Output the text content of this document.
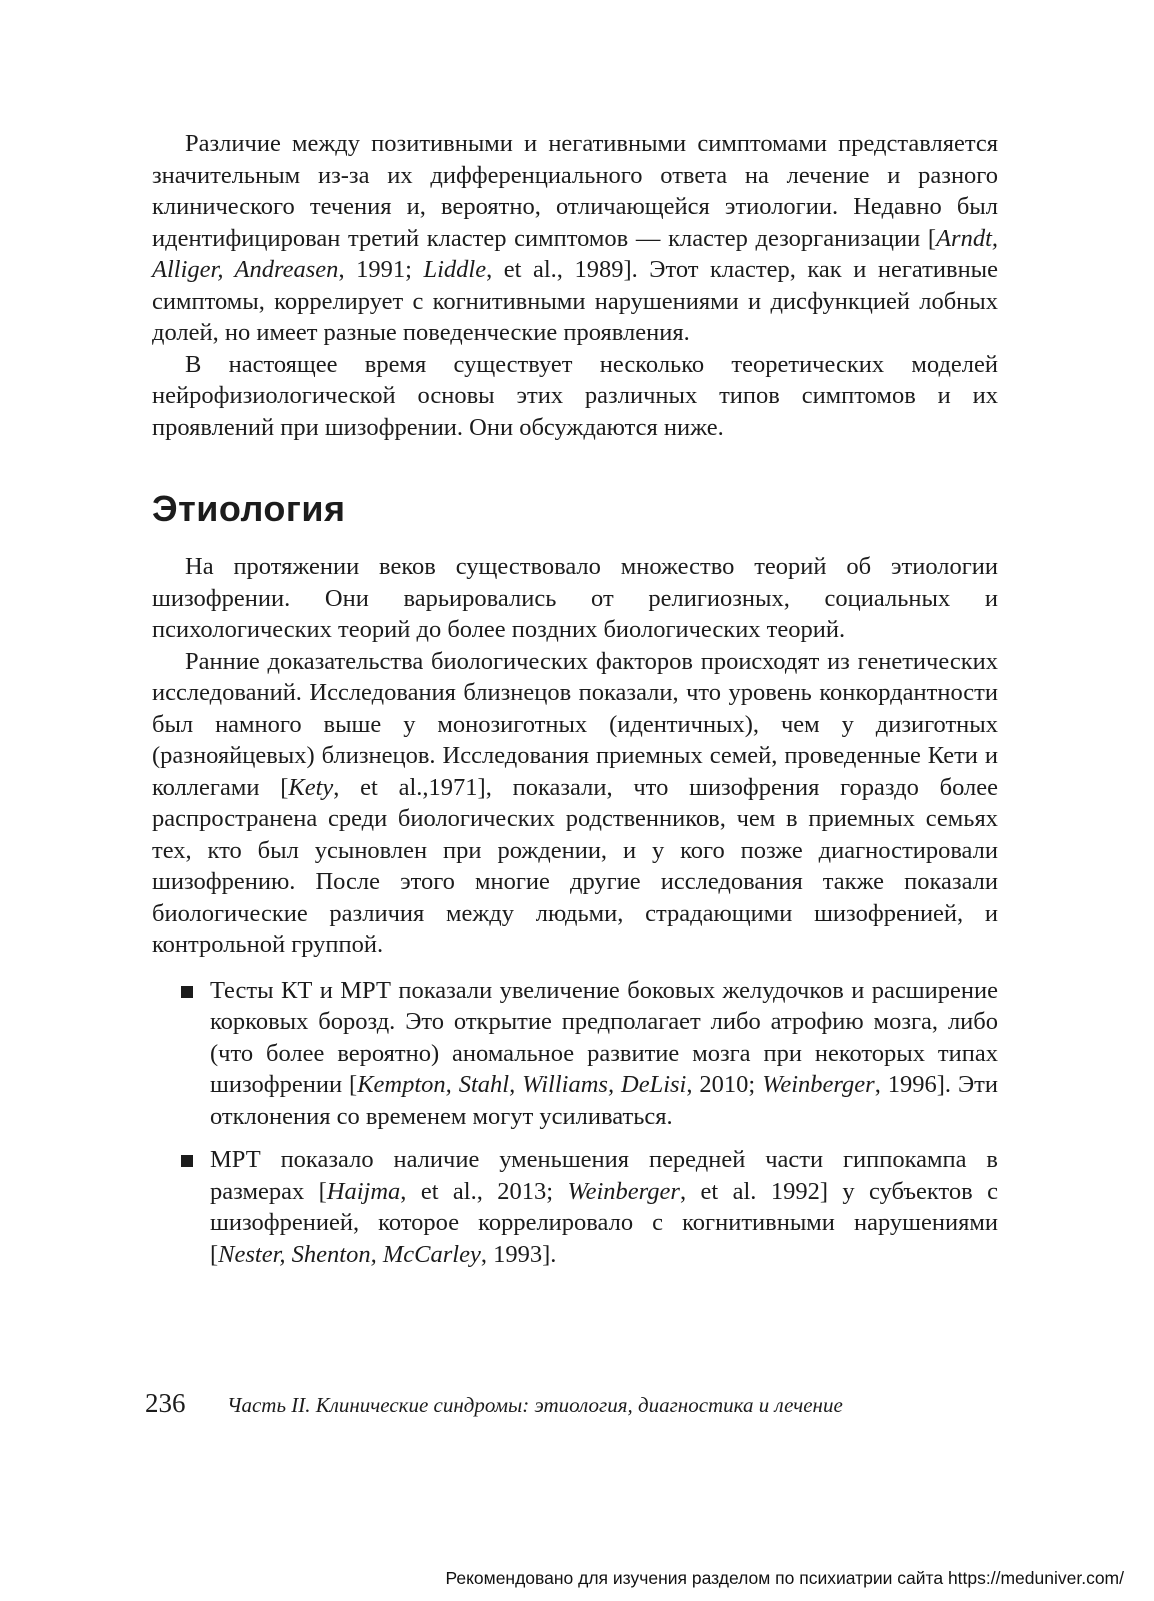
Различие между позитивными и негативными симптомами представляется значительным из-за их дифференциального ответа на лечение и разного клинического течения и, вероятно, отличающейся этиологии. Недавно был идентифицирован третий кластер симптомов — кластер дезорганизации [Arndt, Alliger, Andreasen, 1991; Liddle, et al., 1989]. Этот кластер, как и негативные симптомы, коррелирует с когнитивными нарушениями и дисфункцией лобных долей, но имеет разные поведенческие проявления.

В настоящее время существует несколько теоретических моделей нейрофизиологической основы этих различных типов симптомов и их проявлений при шизофрении. Они обсуждаются ниже.

Этиология

На протяжении веков существовало множество теорий об этиологии шизофрении. Они варьировались от религиозных, социальных и психологических теорий до более поздних биологических теорий.

Ранние доказательства биологических факторов происходят из генетических исследований. Исследования близнецов показали, что уровень конкордантности был намного выше у монозиготных (идентичных), чем у дизиготных (разнояйцевых) близнецов. Исследования приемных семей, проведенные Кети и коллегами [Kety, et al.,1971], показали, что шизофрения гораздо более распространена среди биологических родственников, чем в приемных семьях тех, кто был усыновлен при рождении, и у кого позже диагностировали шизофрению. После этого многие другие исследования также показали биологические различия между людьми, страдающими шизофренией, и контрольной группой.

Тесты КТ и МРТ показали увеличение боковых желудочков и расширение корковых борозд. Это открытие предполагает либо атрофию мозга, либо (что более вероятно) аномальное развитие мозга при некоторых типах шизофрении [Kempton, Stahl, Williams, DeLisi, 2010; Weinberger, 1996]. Эти отклонения со временем могут усиливаться.
МРТ показало наличие уменьшения передней части гиппокампа в размерах [Haijma, et al., 2013; Weinberger, et al. 1992] у субъектов с шизофренией, которое коррелировало с когнитивными нарушениями [Nester, Shenton, McCarley, 1993].
236 Часть II. Клинические синдромы: этиология, диагностика и лечение
Рекомендовано для изучения разделом по психиатрии сайта https://meduniver.com/
